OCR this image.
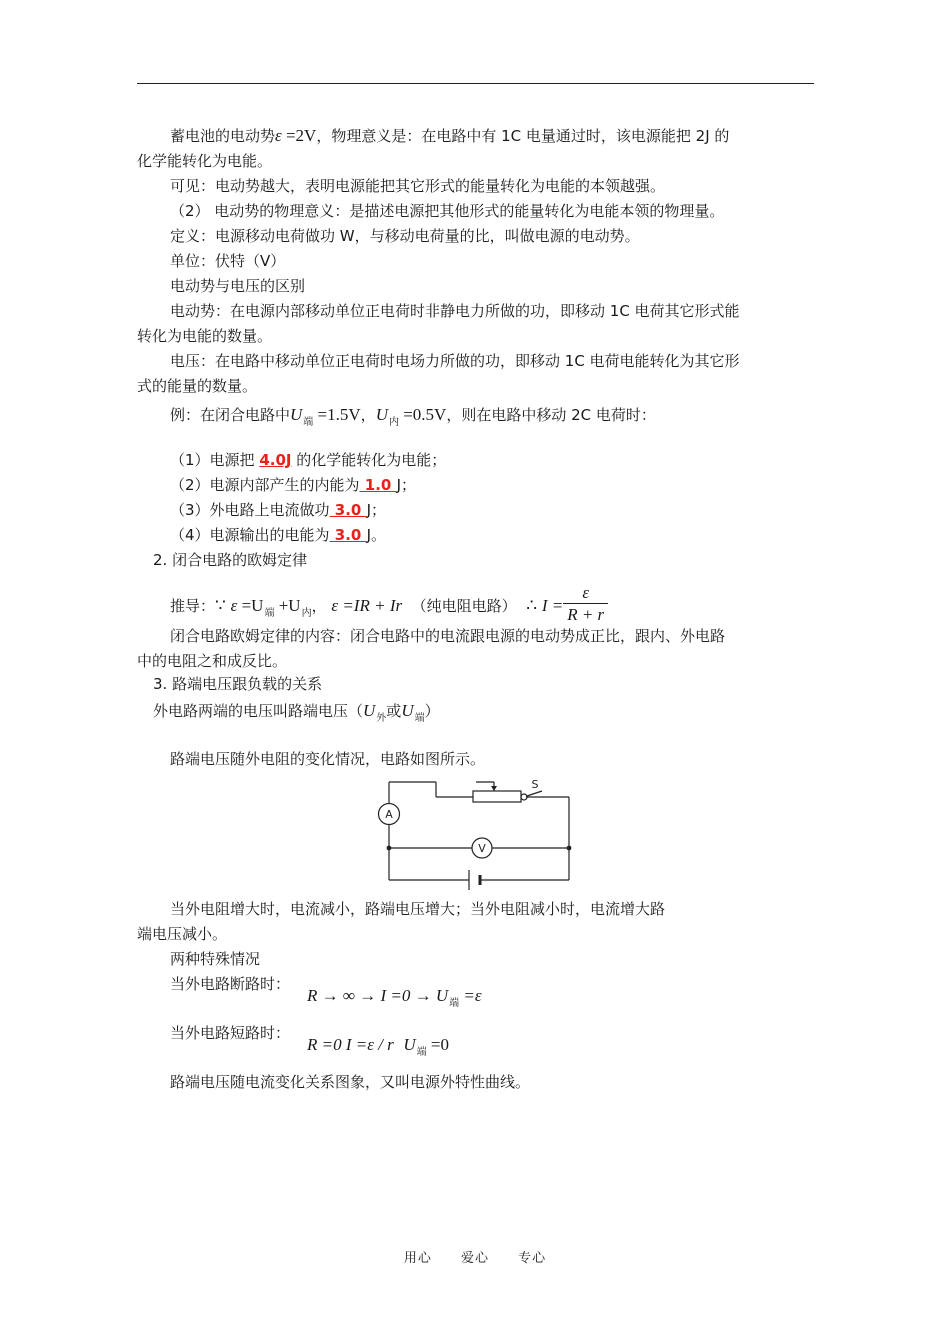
蓄电池的电动势ε =2V，物理意义是：在电路中有 1C 电量通过时，该电源能把 2J 的
化学能转化为电能。
可见：电动势越大，表明电源能把其它形式的能量转化为电能的本领越强。
（2） 电动势的物理意义：是描述电源把其他形式的能量转化为电能本领的物理量。
定义：电源移动电荷做功 W，与移动电荷量的比，叫做电源的电动势。
单位：伏特（V）
电动势与电压的区别
电动势：在电源内部移动单位正电荷时非静电力所做的功，即移动 1C 电荷其它形式能
转化为电能的数量。
电压：在电路中移动单位正电荷时电场力所做的功，即移动 1C 电荷电能转化为其它形
式的能量的数量。
例：在闭合电路中$U_端 =1.5V$，$U_内 =0.5V$，则在电路中移动 2C 电荷时：
（1）电源把 4.0J 的化学能转化为电能；
（2）电源内部产生的内能为 1.0 J；
（3）外电路上电流做功 3.0 J；
（4）电源输出的电能为 3.0 J。
2. 闭合电路的欧姆定律
推导：∵ $\varepsilon =U_端 +U_内$， ε =IR + Ir （纯电阻电路） ∴ $I = \frac{\varepsilon}{R + r}$
闭合电路欧姆定律的内容：闭合电路中的电流跟电源的电动势成正比，跟内、外电路
中的电阻之和成反比。
3. 路端电压跟负载的关系
外电路两端的电压叫路端电压（$U_外$或$U_端$）
路端电压随外电阻的变化情况，电路如图所示。
A
V
S
当外电阻增大时，电流减小，路端电压增大；当外电阻减小时，电流增大路
端电压减小。
两种特殊情况
当外电路断路时：
R → ∞ → $I =0 \to U_端 =\varepsilon$
当外电路短路时：
R =0 I =ε / r $U_端 =0$
路端电压随电流变化关系图象，又叫电源外特性曲线。
用心 爱心 专心
